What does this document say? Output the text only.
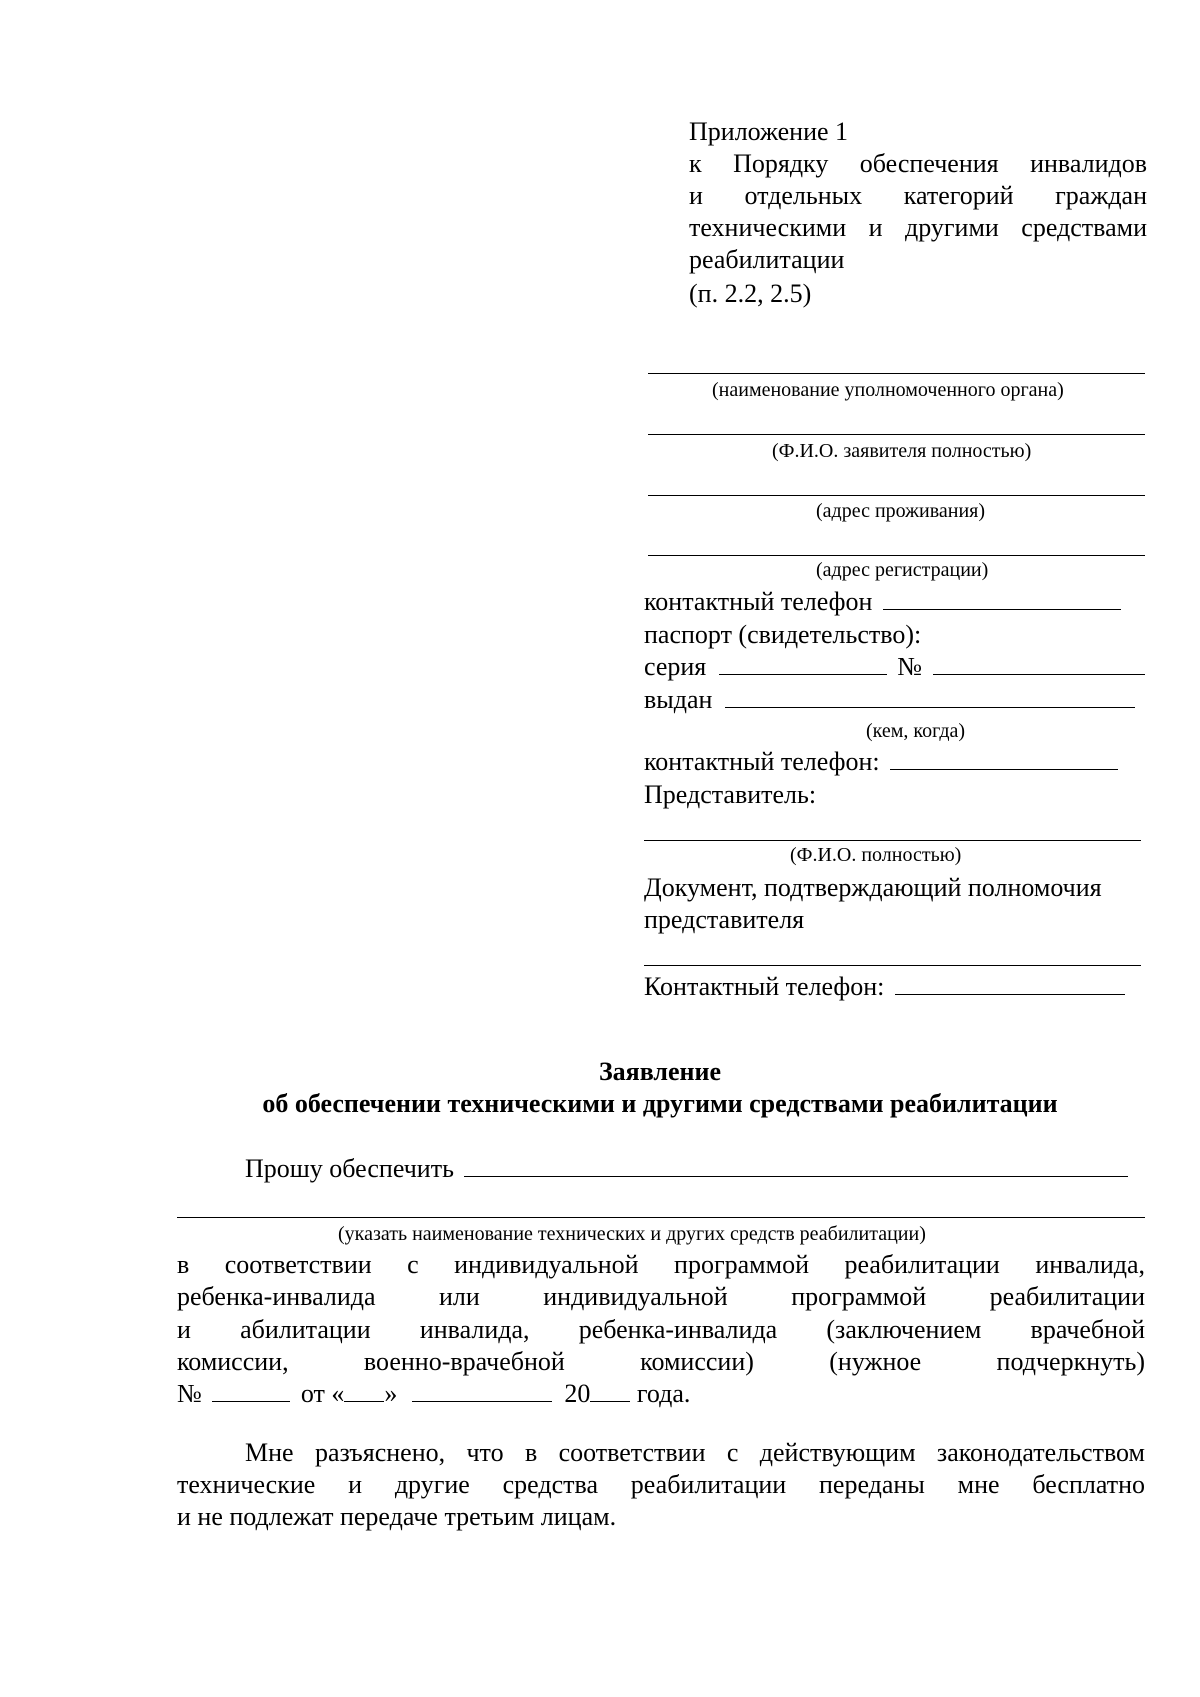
Приложение 1
к Порядку обеспечения инвалидов
и отдельных категорий граждан
техническими и другими средствами
реабилитации
(п. 2.2, 2.5)
(наименование уполномоченного органа)
(Ф.И.О. заявителя полностью)
(адрес проживания)
(адрес регистрации)
контактный телефон
паспорт (свидетельство):
серия	№
выдан
(кем, когда)
контактный телефон:
Представитель:
(Ф.И.О. полностью)
Документ, подтверждающий полномочия
представителя
Контактный телефон:
Заявление
об обеспечении техническими и другими средствами реабилитации
Прошу обеспечить
(указать наименование технических и других средств реабилитации)
в соответствии с индивидуальной программой реабилитации инвалида,
ребенка-инвалида или индивидуальной программой реабилитации
и абилитации инвалида, ребенка-инвалида (заключением врачебной
комиссии, военно-врачебной комиссии) (нужное подчеркнуть)
№	от « »	20 года.
Мне разъяснено, что в соответствии с действующим законодательством
технические и другие средства реабилитации переданы мне бесплатно
и не подлежат передаче третьим лицам.
